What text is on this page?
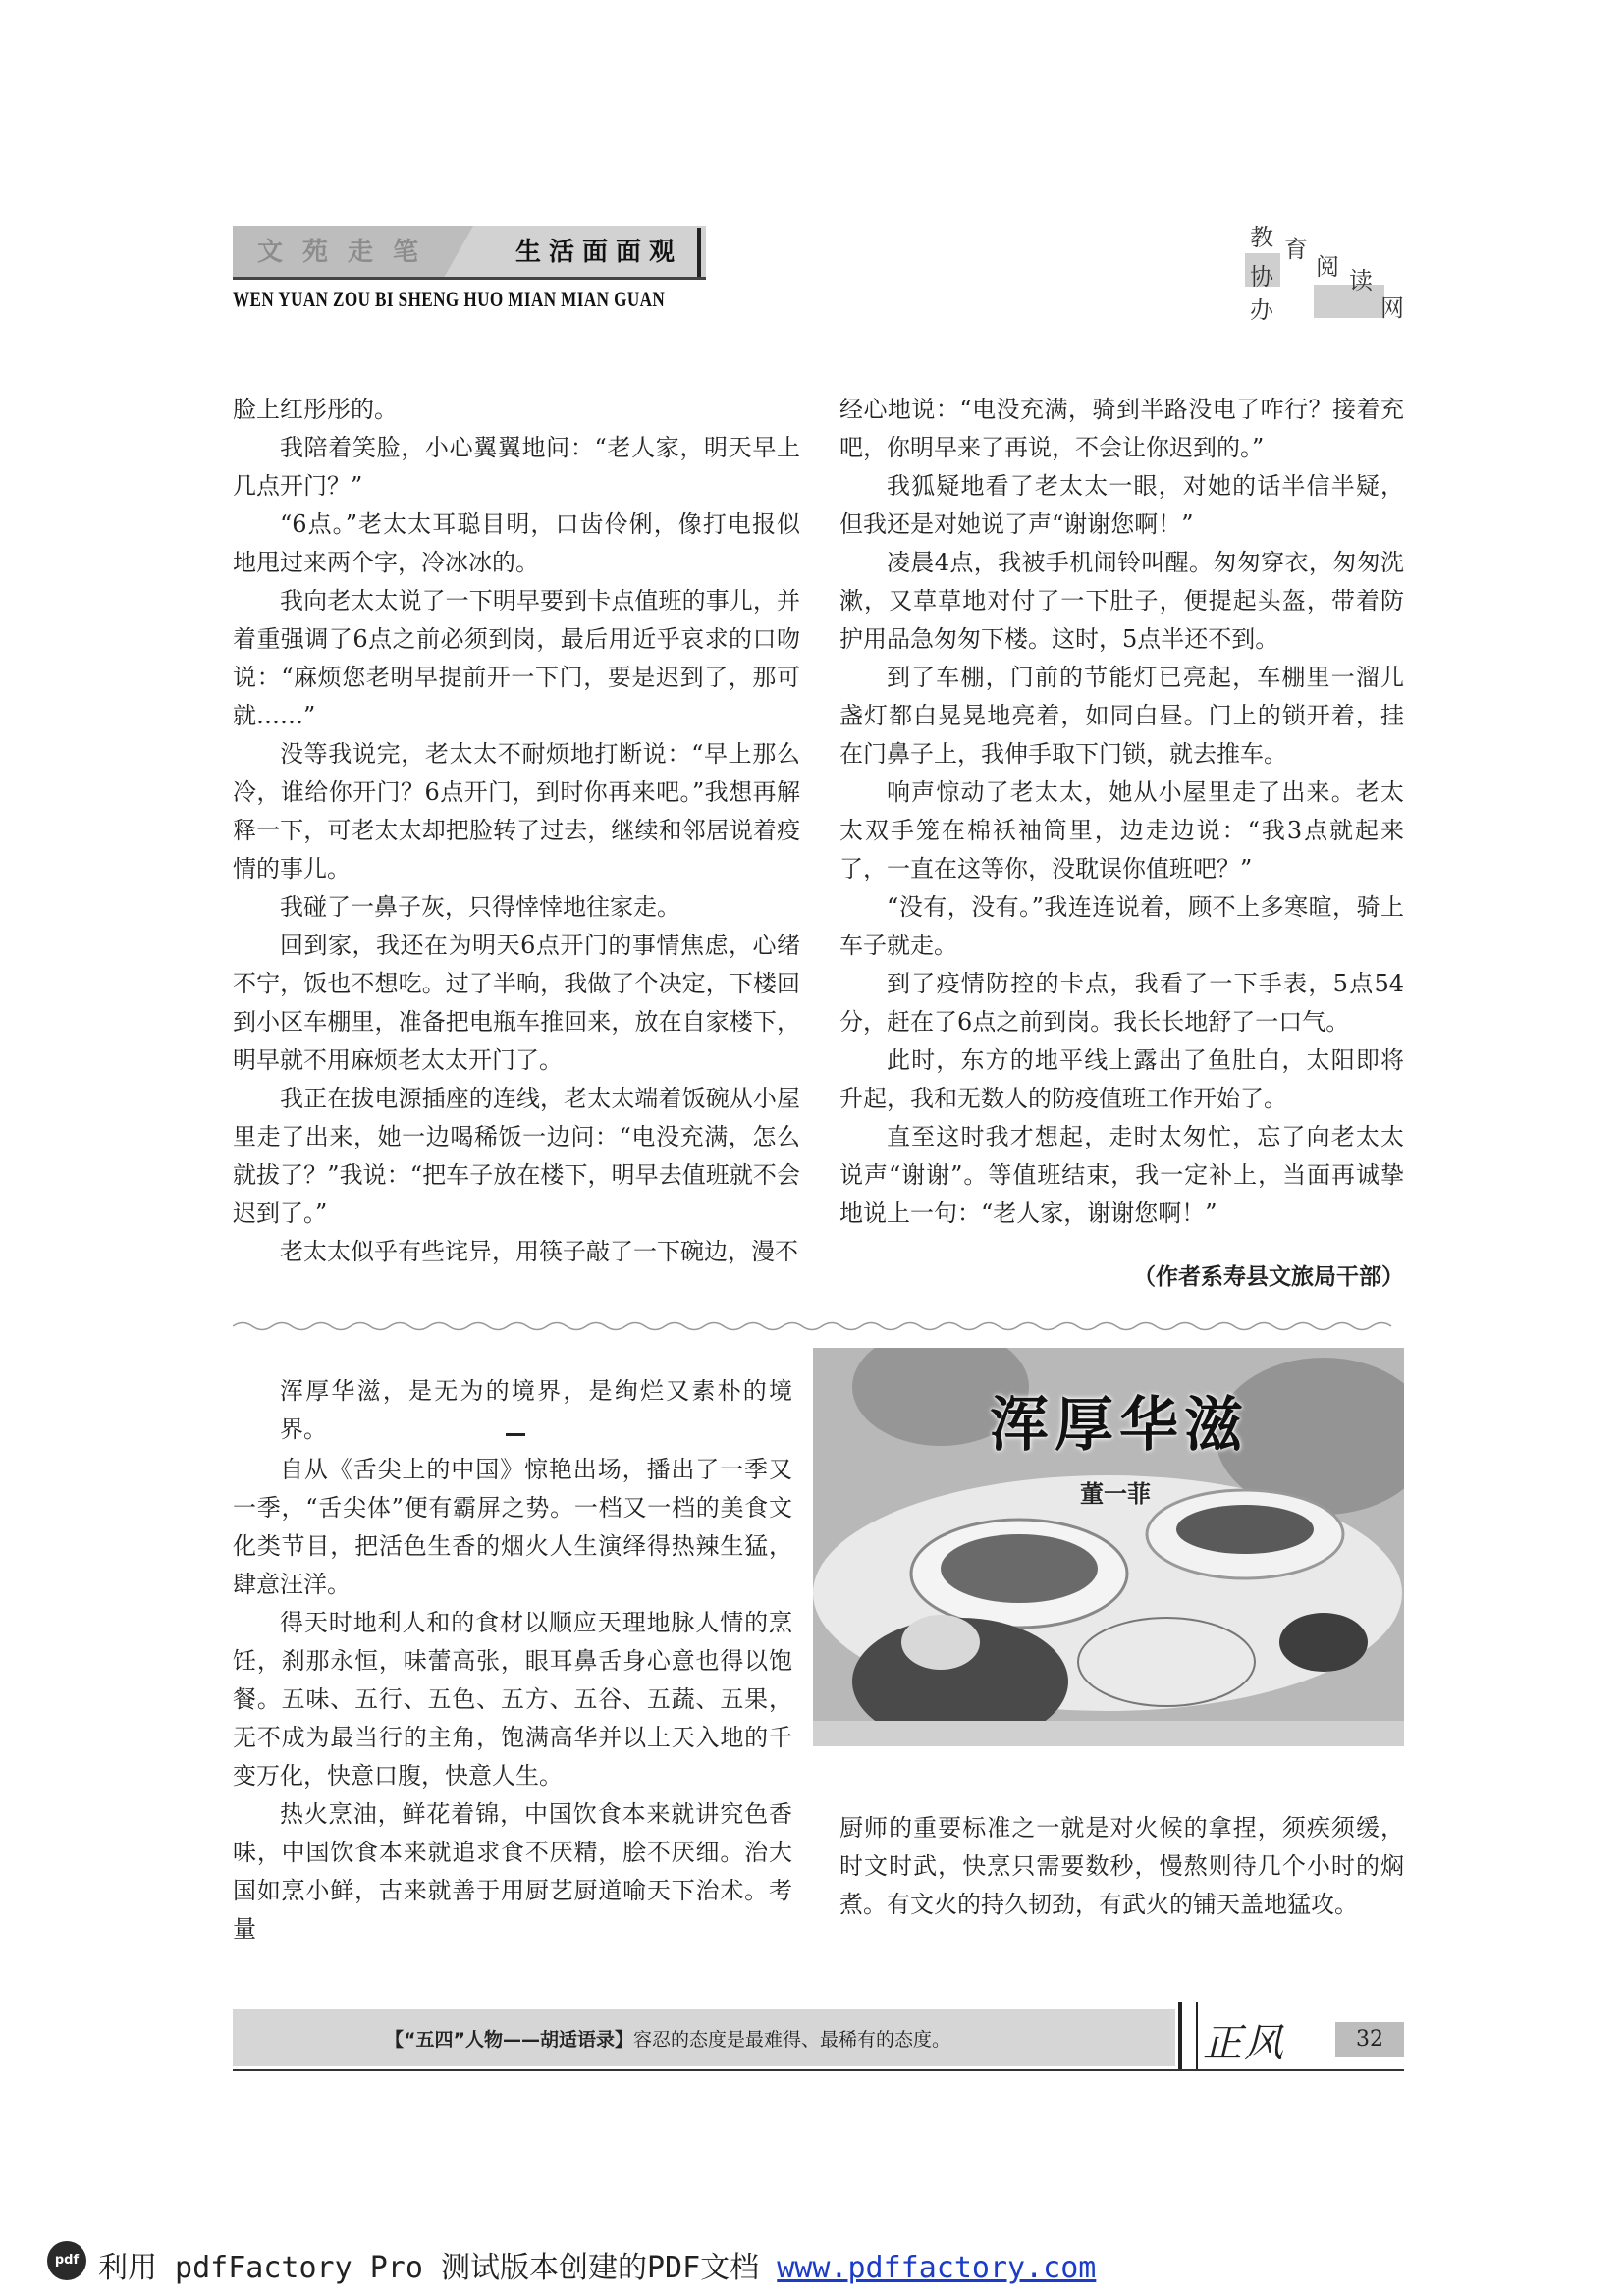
文苑走笔	生活面面观
WEN YUAN ZOU BI SHENG HUO MIAN MIAN GUAN
教 育
协 阅 读
办	网

脸上红彤彤的。

我陪着笑脸，小心翼翼地问：“老人家，明天早上几点开门？”

“6点。”老太太耳聪目明，口齿伶俐，像打电报似地甩过来两个字，冷冰冰的。

我向老太太说了一下明早要到卡点值班的事儿，并着重强调了6点之前必须到岗，最后用近乎哀求的口吻说：“麻烦您老明早提前开一下门，要是迟到了，那可就……”

没等我说完，老太太不耐烦地打断说：“早上那么冷，谁给你开门？6点开门，到时你再来吧。”我想再解释一下，可老太太却把脸转了过去，继续和邻居说着疫情的事儿。

我碰了一鼻子灰，只得悻悻地往家走。

回到家，我还在为明天6点开门的事情焦虑，心绪不宁，饭也不想吃。过了半晌，我做了个决定，下楼回到小区车棚里，准备把电瓶车推回来，放在自家楼下，明早就不用麻烦老太太开门了。

我正在拔电源插座的连线，老太太端着饭碗从小屋里走了出来，她一边喝稀饭一边问：“电没充满，怎么就拔了？”我说：“把车子放在楼下，明早去值班就不会迟到了。”

老太太似乎有些诧异，用筷子敲了一下碗边，漫不

经心地说：“电没充满，骑到半路没电了咋行？接着充吧，你明早来了再说，不会让你迟到的。”

我狐疑地看了老太太一眼，对她的话半信半疑，但我还是对她说了声“谢谢您啊！”

凌晨4点，我被手机闹铃叫醒。匆匆穿衣，匆匆洗漱，又草草地对付了一下肚子，便提起头盔，带着防护用品急匆匆下楼。这时，5点半还不到。

到了车棚，门前的节能灯已亮起，车棚里一溜儿盏灯都白晃晃地亮着，如同白昼。门上的锁开着，挂在门鼻子上，我伸手取下门锁，就去推车。

响声惊动了老太太，她从小屋里走了出来。老太太双手笼在棉袄袖筒里，边走边说：“我3点就起来了，一直在这等你，没耽误你值班吧？”

“没有，没有。”我连连说着，顾不上多寒暄，骑上车子就走。

到了疫情防控的卡点，我看了一下手表，5点54分，赶在了6点之前到岗。我长长地舒了一口气。

此时，东方的地平线上露出了鱼肚白，太阳即将升起，我和无数人的防疫值班工作开始了。

直至这时我才想起，走时太匆忙，忘了向老太太说声“谢谢”。等值班结束，我一定补上，当面再诚挚地说上一句：“老人家，谢谢您啊！”

（作者系寿县文旅局干部）
浑厚华滋
董一菲

浑厚华滋，是无为的境界，是绚烂又素朴的境界。

自从《舌尖上的中国》惊艳出场，播出了一季又一季，“舌尖体”便有霸屏之势。一档又一档的美食文化类节目，把活色生香的烟火人生演绎得热辣生猛，肆意汪洋。

得天时地利人和的食材以顺应天理地脉人情的烹饪，刹那永恒，味蕾高张，眼耳鼻舌身心意也得以饱餐。五味、五行、五色、五方、五谷、五蔬、五果，无不成为最当行的主角，饱满高华并以上天入地的千变万化，快意口腹，快意人生。

热火烹油，鲜花着锦，中国饮食本来就讲究色香味，中国饮食本来就追求食不厌精，脍不厌细。治大国如烹小鲜，古来就善于用厨艺厨道喻天下治术。考量

厨师的重要标准之一就是对火候的拿捏，须疾须缓，时文时武，快烹只需要数秒，慢熬则待几个小时的焖煮。有文火的持久韧劲，有武火的铺天盖地猛攻。

【“五四”人物——胡适语录】容忍的态度是最难得、最稀有的态度。	正风	32
pdf 利用 pdfFactory Pro 测试版本创建的PDF文档 www.pdffactory.com
